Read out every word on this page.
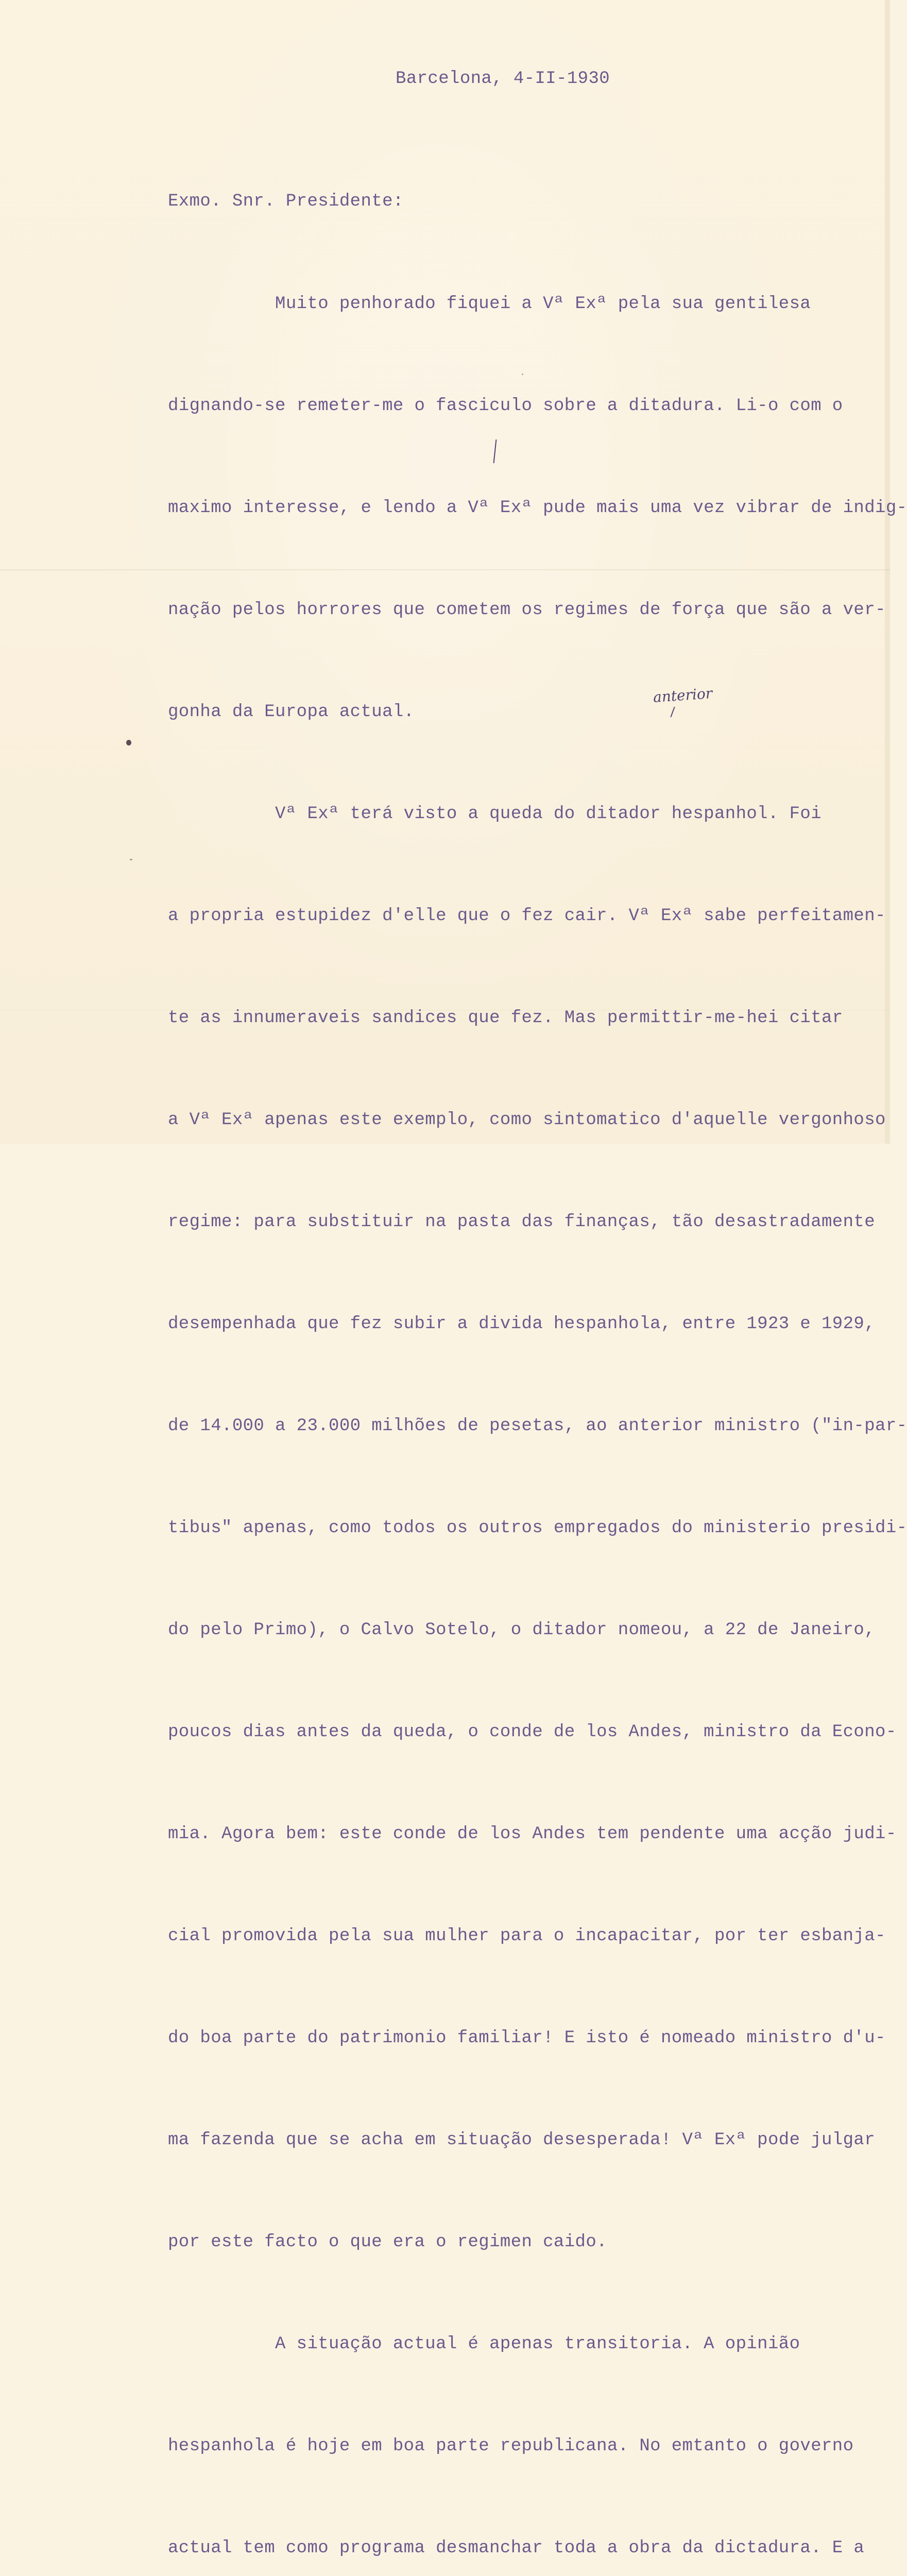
Barcelona, 4-II-1930
Exmo. Snr. Presidente:

Muito penhorado fiquei a Vª Exª pela sua gentilesa

dignando-se remeter-me o fasciculo sobre a ditadura. Li-o com o

maximo interesse, e lendo a Vª Exª pude mais uma vez vibrar de indig-

nação pelos horrores que cometem os regimes de força que são a ver-

gonha da Europa actual.

Vª Exª terá visto a queda do ditador hespanhol. Foi

a propria estupidez d'elle que o fez cair. Vª Exª sabe perfeitamen-

te as innumeraveis sandices que fez. Mas permittir-me-hei citar

a Vª Exª apenas este exemplo, como sintomatico d'aquelle vergonhoso

regime: para substituir na pasta das finanças, tão desastradamente

desempenhada que fez subir a divida hespanhola, entre 1923 e 1929,

de 14.000 a 23.000 milhões de pesetas, ao anterior ministro ("in-par-

tibus" apenas, como todos os outros empregados do ministerio presidi-

do pelo Primo), o Calvo Sotelo, o ditador nomeou, a 22 de Janeiro,

poucos dias antes da queda, o conde de los Andes, ministro da Econo-

mia. Agora bem: este conde de los Andes tem pendente uma acção judi-

cial promovida pela sua mulher para o incapacitar, por ter esbanja-

do boa parte do patrimonio familiar! E isto é nomeado ministro d'u-

ma fazenda que se acha em situação desesperada! Vª Exª pode julgar

por este facto o que era o regimen caido.

A situação actual é apenas transitoria. A opinião

hespanhola é hoje em boa parte republicana. No emtanto o governo

actual tem como programa desmanchar toda a obra da dictadura. E a

anterior
